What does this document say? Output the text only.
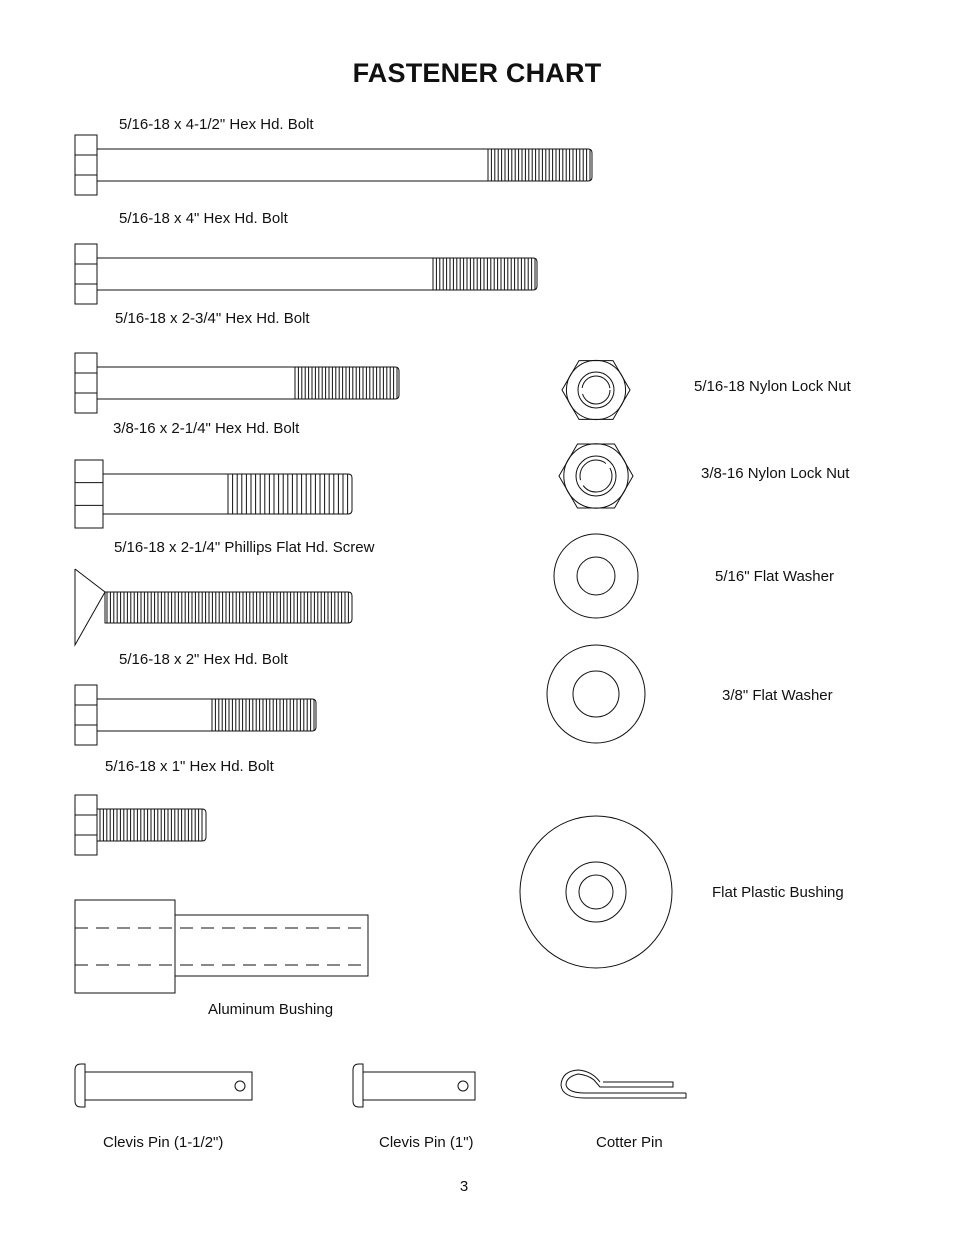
FASTENER CHART
5/16-18 x 4-1/2" Hex Hd. Bolt
5/16-18 x 4" Hex Hd. Bolt
5/16-18 x 2-3/4" Hex Hd. Bolt
3/8-16 x 2-1/4" Hex Hd. Bolt
5/16-18 x 2-1/4" Phillips Flat Hd. Screw
5/16-18 x 2" Hex Hd. Bolt
5/16-18 x 1" Hex Hd. Bolt
Aluminum Bushing
Clevis Pin (1-1/2")	Clevis Pin (1")	Cotter Pin
5/16-18 Nylon Lock Nut
3/8-16 Nylon Lock Nut
5/16" Flat Washer
3/8" Flat Washer
Flat Plastic Bushing
3
